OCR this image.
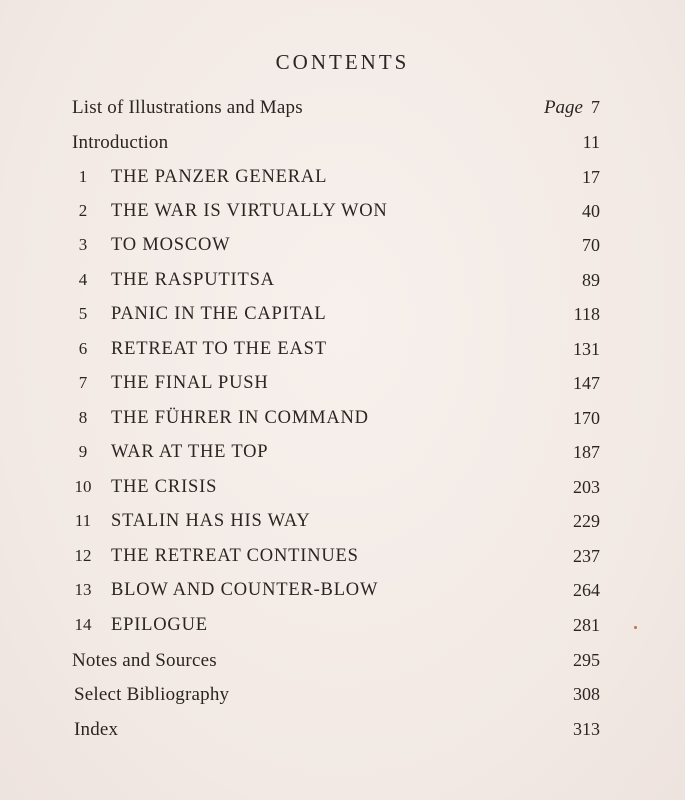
CONTENTS
List of Illustrations and Maps	Page 7
Introduction	11
1	THE PANZER GENERAL	17
2	THE WAR IS VIRTUALLY WON	40
3	TO MOSCOW	70
4	THE RASPUTITSA	89
5	PANIC IN THE CAPITAL	118
6	RETREAT TO THE EAST	131
7	THE FINAL PUSH	147
8	THE FÜHRER IN COMMAND	170
9	WAR AT THE TOP	187
10 THE CRISIS	203
11 STALIN HAS HIS WAY	229
12 THE RETREAT CONTINUES	237
13 BLOW AND COUNTER-BLOW	264
14 EPILOGUE	281
Notes and Sources	295
Select Bibliography	308
Index	313
